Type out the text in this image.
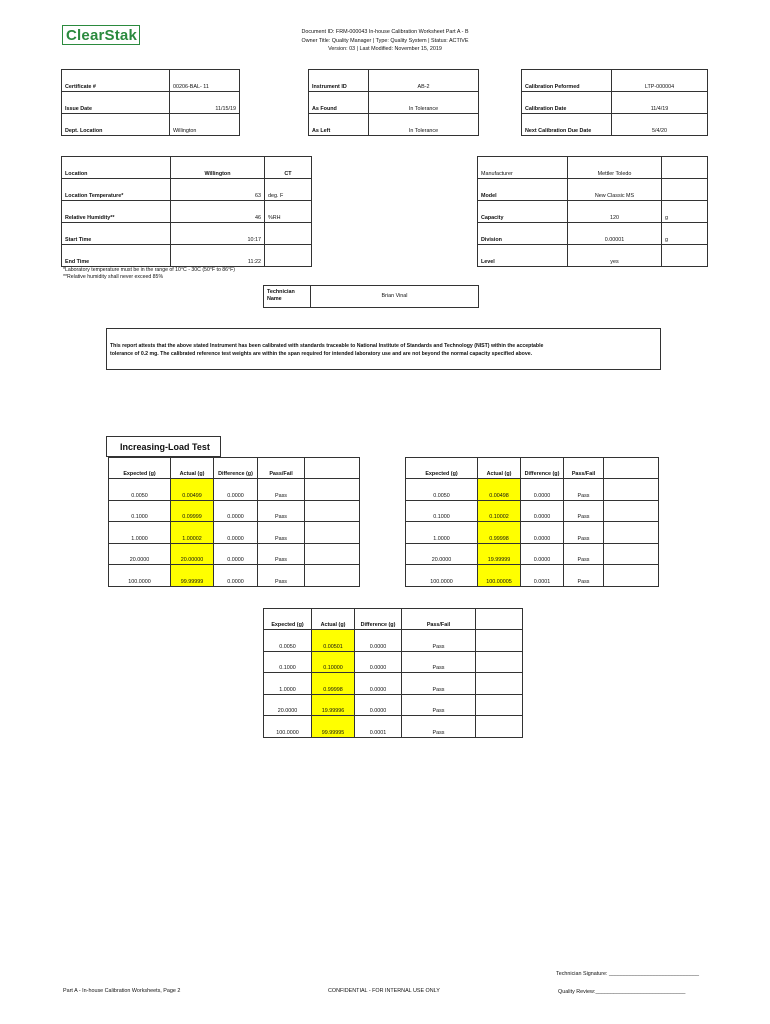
ClearStak	Document ID: FRM-000043 In-house Calibration Worksheet Part A - B
Owner Title: Quality Manager | Type: Quality System | Status: ACTIVE
Version: 03 | Last Modified: November 15, 2019
Certificate #	00206-BAL- 11
Issue Date	11/15/19
Dept. Location	Willington
Instrument ID	AB-2
As Found	In Tolerance
As Left	In Tolerance
Calibration Peformed	LTP-000004
Calibration Date	11/4/19
Next Calibration Due Date	5/4/20
Location	Willington	CT
Location Temperature*	63	deg. F
Relative Humidity**	46	%RH
Start Time	10:17	
End Time	11:22	
*Laboratory temperature must be in the range of 10°C - 30C (50°F to 86°F)
**Relative humidity shall never exceed 85%
Manufacturer	Mettler Toledo	
Model	New Classic MS	
Capacity	120	g
Division	0.00001	g
Level	yes	
Technician
Name	Brian Vinal
This report attests that the above stated Instrument has been calibrated with standards traceable to National Institute of Standards and Technology (NIST) within the acceptable
tolerance of 0.2 mg. The calibrated reference test weights are within the span required for intended laboratory use and are not beyond the normal capacity specified above.
Increasing-Load Test
Expected (g)	Actual (g)	Difference (g)	Pass/Fail	
0.0050	0.00499	0.0000	Pass	
0.1000	0.09999	0.0000	Pass	
1.0000	1.00002	0.0000	Pass	
20.0000	20.00000	0.0000	Pass	
100.0000	99.99999	0.0000	Pass	
Expected (g)	Actual (g)	Difference (g)	Pass/Fail	
0.0050	0.00498	0.0000	Pass	
0.1000	0.10002	0.0000	Pass	
1.0000	0.99998	0.0000	Pass	
20.0000	19.99999	0.0000	Pass	
100.0000	100.00005	0.0001	Pass	
Expected (g)	Actual (g)	Difference (g)	Pass/Fail	
0.0050	0.00501	0.0000	Pass	
0.1000	0.10000	0.0000	Pass	
1.0000	0.99998	0.0000	Pass	
20.0000	19.99996	0.0000	Pass	
100.0000	99.99995	0.0001	Pass	
Technician Signature: ______________________________
Part A - In-house Calibration Worksheets, Page 2	CONFIDENTIAL - FOR INTERNAL USE ONLY	Quality Review:______________________________
